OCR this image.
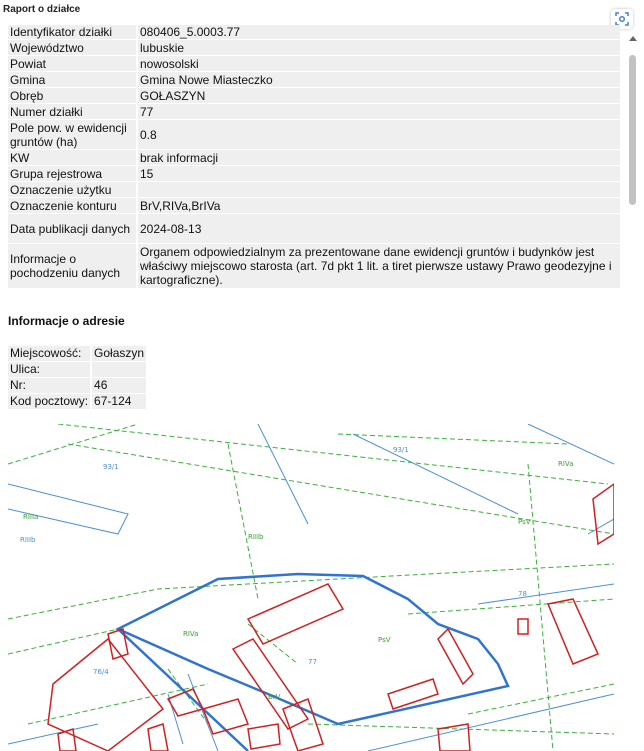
Raport o działce
Identyfikator działki	080406_5.0003.77
Województwo	lubuskie
Powiat	nowosolski
Gmina	Gmina Nowe Miasteczko
Obręb	GOŁASZYN
Numer działki	77
Pole pow. w ewidencji gruntów (ha)	0.8
KW	brak informacji
Grupa rejestrowa	15
Oznaczenie użytku	
Oznaczenie konturu	BrV,RIVa,BrIVa
Data publikacji danych	2024-08-13
Informacje o pochodzeniu danych	Organem odpowiedzialnym za prezentowane dane ewidencji gruntów i budynków jest właściwy miejscowo starosta (art. 7d pkt 1 lit. a tiret pierwsze ustawy Prawo geodezyjne i kartograficzne).
Informacje o adresie
Miejscowość:	Gołaszyn
Ulica:	
Nr:	46
Kod pocztowy:	67-124
93/1
RIIIa
RIIIb
93/1
RIIIb
RIVa
RIVa
PsV
77
PsV
76/4
78
BrV
